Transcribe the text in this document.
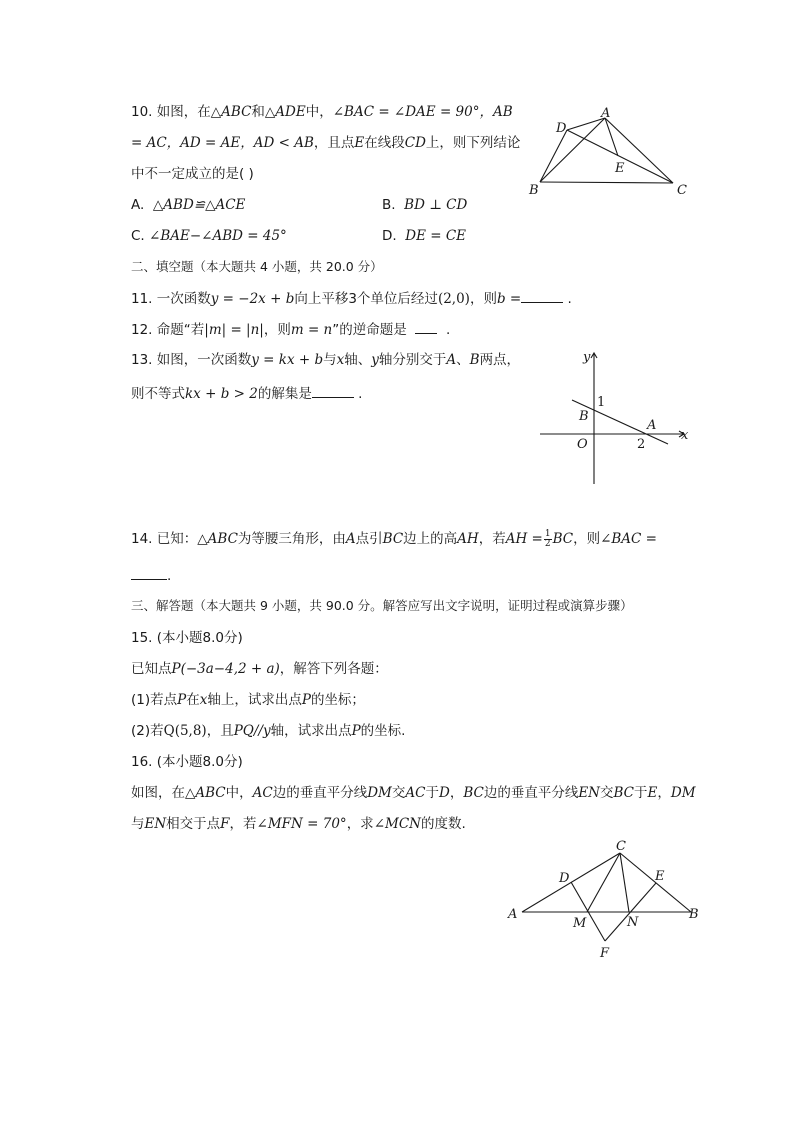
10. 如图，在△ABC和△ADE中，∠BAC = ∠DAE = 90°，AB
= AC，AD = AE，AD < AB，且点E在线段CD上，则下列结论
中不一定成立的是( )
A. △ABD≌△ACE	B. BD ⊥ CD
C. ∠BAE−∠ABD = 45°	D. DE = CE
A
B	C
D
E
二、填空题（本大题共 4 小题，共 20.0 分）
11. 一次函数y = −2x + b向上平移3个单位后经过(2,0)，则b =	.
12. 命题“若|m| = |n|，则m = n”的逆命题是	.
13. 如图，一次函数y = kx + b与x轴、y轴分别交于A、B两点，
则不等式kx + b > 2的解集是	.
y
x
1
B
A
O	2
14. 已知：△ABC为等腰三角形，由A点引BC边上的高AH，若AH = $\frac{1}{2}$ BC，则∠BAC =
.
三、解答题（本大题共 9 小题，共 90.0 分。解答应写出文字说明，证明过程或演算步骤）
15. (本小题8.0分)
已知点P(−3a−4,2 + a)，解答下列各题：
(1)若点P在x轴上，试求出点P的坐标；
(2)若Q(5,8)，且PQ//y轴，试求出点P的坐标.
16. (本小题8.0分)
如图，在△ABC中，AC边的垂直平分线DM交AC于D，BC边的垂直平分线EN交BC于E，DM
与EN相交于点F，若∠MFN = 70°，求∠MCN的度数.
C
A	B
D	E
M	N
F
